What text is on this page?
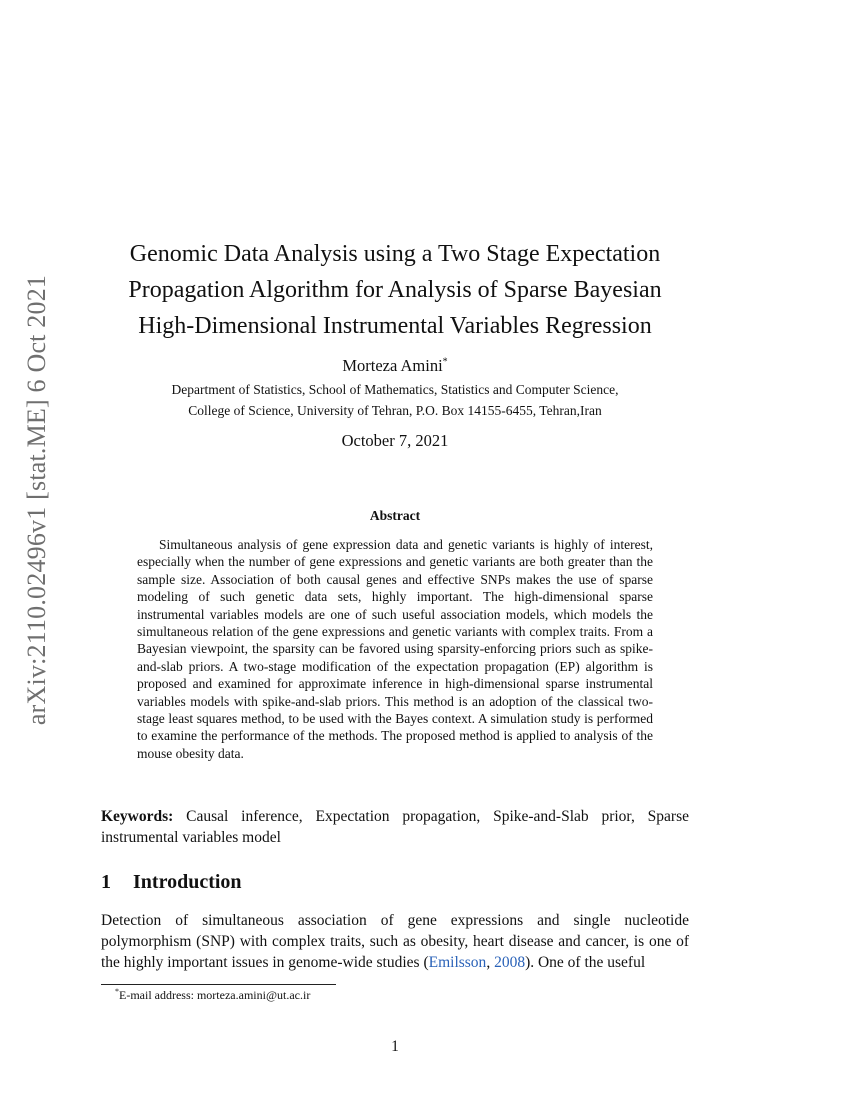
arXiv:2110.02496v1 [stat.ME] 6 Oct 2021
Genomic Data Analysis using a Two Stage Expectation
Propagation Algorithm for Analysis of Sparse Bayesian
High-Dimensional Instrumental Variables Regression
Morteza Amini*
Department of Statistics, School of Mathematics, Statistics and Computer Science,
College of Science, University of Tehran, P.O. Box 14155-6455, Tehran,Iran
October 7, 2021
Abstract

Simultaneous analysis of gene expression data and genetic variants is highly of interest, especially when the number of gene expressions and genetic variants are both greater than the sample size. Association of both causal genes and effective SNPs makes the use of sparse modeling of such genetic data sets, highly important. The high-dimensional sparse instrumental variables models are one of such useful association models, which models the simultaneous relation of the gene expressions and genetic variants with complex traits. From a Bayesian viewpoint, the sparsity can be favored using sparsity-enforcing priors such as spike-and-slab priors. A two-stage modification of the expectation propagation (EP) algorithm is proposed and examined for approximate inference in high-dimensional sparse instrumental variables models with spike-and-slab priors. This method is an adoption of the classical two-stage least squares method, to be used with the Bayes context. A simulation study is performed to examine the performance of the methods. The proposed method is applied to analysis of the mouse obesity data.

Keywords: Causal inference, Expectation propagation, Spike-and-Slab prior, Sparse instrumental variables model

1 Introduction

Detection of simultaneous association of gene expressions and single nucleotide polymorphism (SNP) with complex traits, such as obesity, heart disease and cancer, is one of the highly important issues in genome-wide studies (Emilsson, 2008). One of the useful

*E-mail address: morteza.amini@ut.ac.ir
1
